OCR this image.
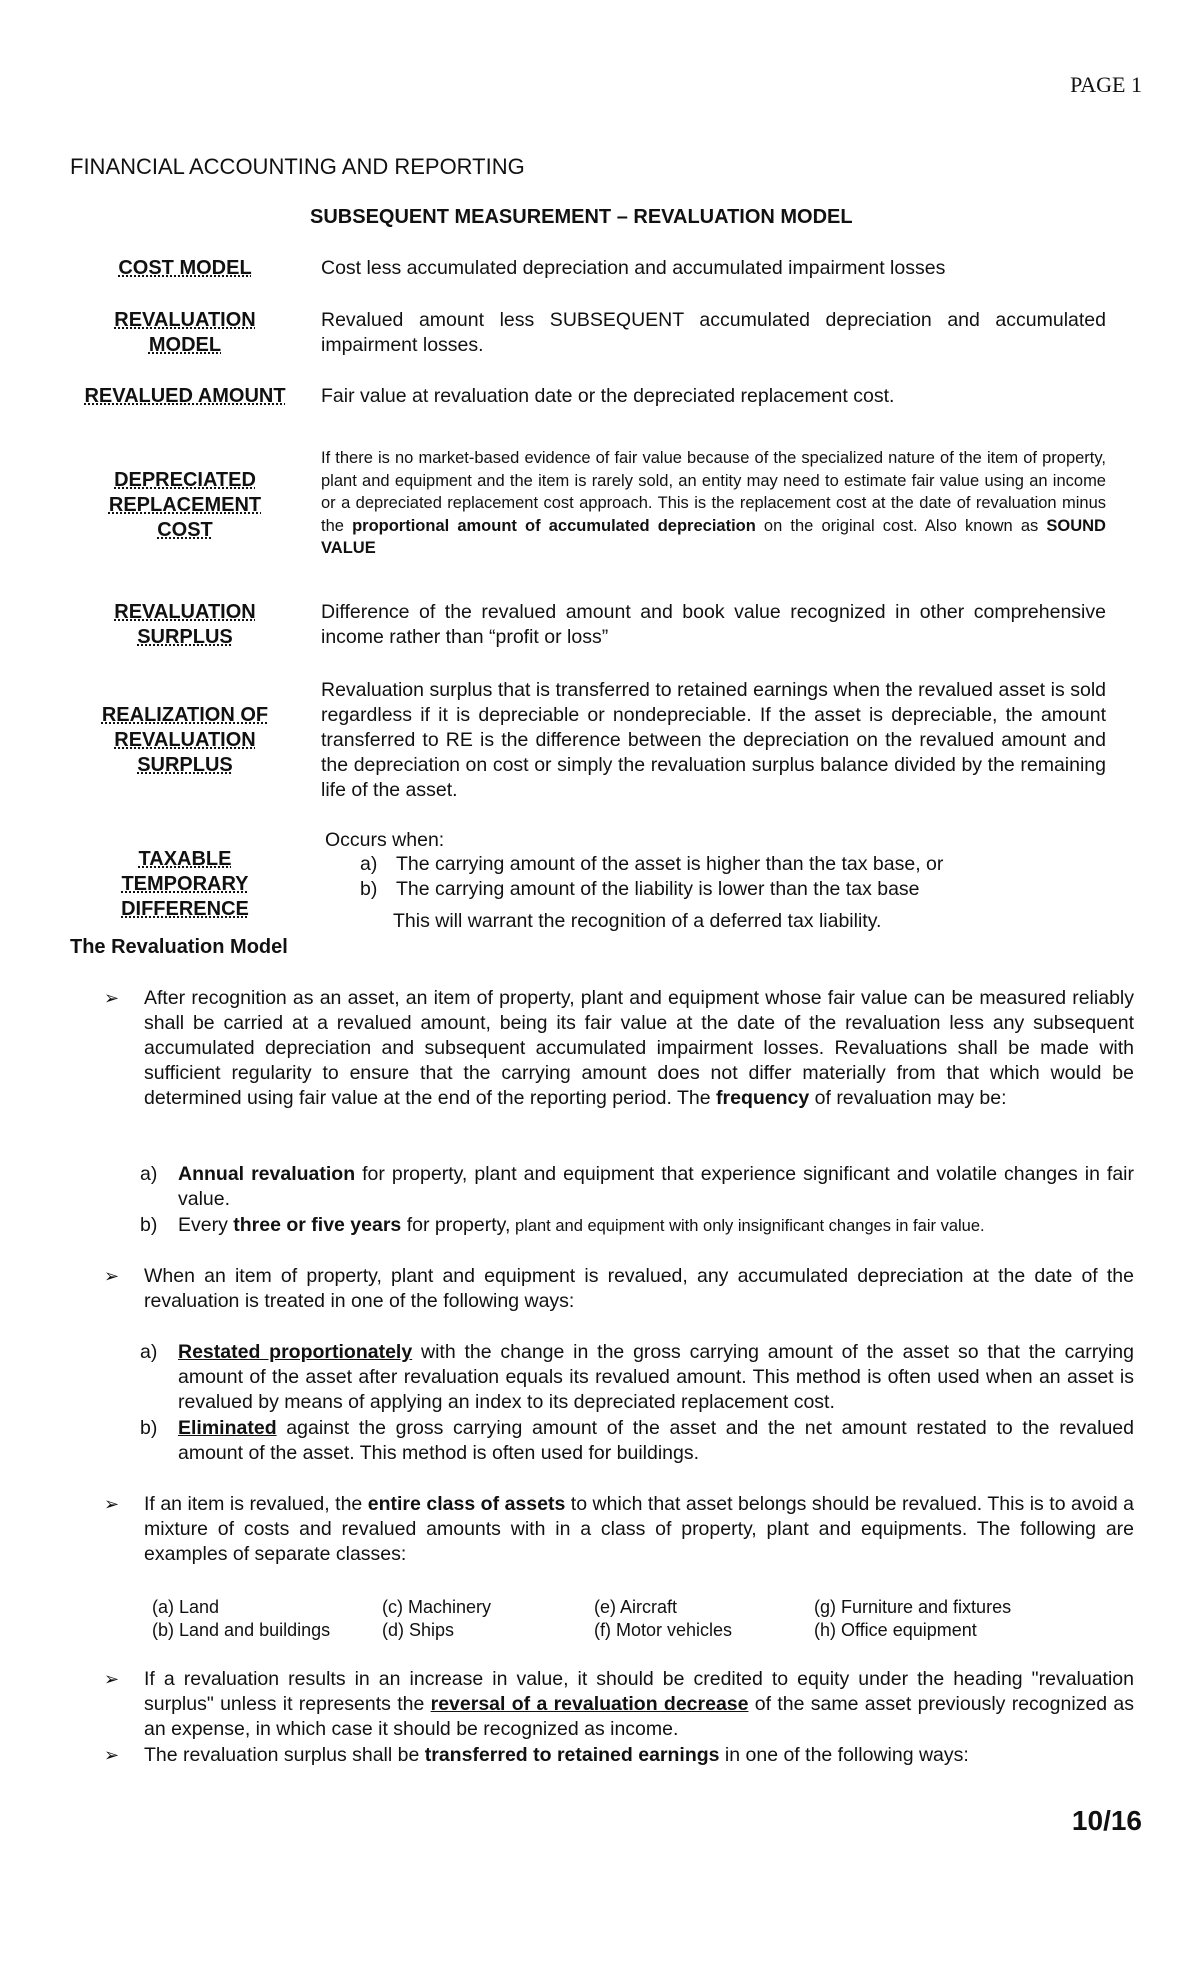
PAGE 1
FINANCIAL ACCOUNTING AND REPORTING
SUBSEQUENT MEASUREMENT – REVALUATION MODEL
COST MODEL	Cost less accumulated depreciation and accumulated impairment losses
REVALUATION MODEL
Revalued amount less SUBSEQUENT accumulated depreciation and accumulated impairment losses.
REVALUED AMOUNT	Fair value at revaluation date or the depreciated replacement cost.
DEPRECIATED REPLACEMENT COST
If there is no market-based evidence of fair value because of the specialized nature of the item of property, plant and equipment and the item is rarely sold, an entity may need to estimate fair value using an income or a depreciated replacement cost approach. This is the replacement cost at the date of revaluation minus the proportional amount of accumulated depreciation on the original cost. Also known as SOUND VALUE
REVALUATION SURPLUS
Difference of the revalued amount and book value recognized in other comprehensive income rather than “profit or loss”
REALIZATION OF REVALUATION SURPLUS
Revaluation surplus that is transferred to retained earnings when the revalued asset is sold regardless if it is depreciable or nondepreciable. If the asset is depreciable, the amount transferred to RE is the difference between the depreciation on the revalued amount and the depreciation on cost or simply the revaluation surplus balance divided by the remaining life of the asset.
TAXABLE TEMPORARY DIFFERENCE
Occurs when:
a) The carrying amount of the asset is higher than the tax base, or
b) The carrying amount of the liability is lower than the tax base
This will warrant the recognition of a deferred tax liability.
The Revaluation Model
➢ After recognition as an asset, an item of property, plant and equipment whose fair value can be measured reliably shall be carried at a revalued amount, being its fair value at the date of the revaluation less any subsequent accumulated depreciation and subsequent accumulated impairment losses. Revaluations shall be made with sufficient regularity to ensure that the carrying amount does not differ materially from that which would be determined using fair value at the end of the reporting period. The frequency of revaluation may be:
a) Annual revaluation for property, plant and equipment that experience significant and volatile changes in fair value.
b) Every three or five years for property, plant and equipment with only insignificant changes in fair value.
➢ When an item of property, plant and equipment is revalued, any accumulated depreciation at the date of the revaluation is treated in one of the following ways:
a) Restated proportionately with the change in the gross carrying amount of the asset so that the carrying amount of the asset after revaluation equals its revalued amount. This method is often used when an asset is revalued by means of applying an index to its depreciated replacement cost.
b) Eliminated against the gross carrying amount of the asset and the net amount restated to the revalued amount of the asset. This method is often used for buildings.
➢ If an item is revalued, the entire class of assets to which that asset belongs should be revalued. This is to avoid a mixture of costs and revalued amounts with in a class of property, plant and equipments. The following are examples of separate classes:
(a) Land
(b) Land and buildings
(c) Machinery
(d) Ships
(e) Aircraft
(f) Motor vehicles
(g) Furniture and fixtures
(h) Office equipment
➢ If a revaluation results in an increase in value, it should be credited to equity under the heading "revaluation surplus" unless it represents the reversal of a revaluation decrease of the same asset previously recognized as an expense, in which case it should be recognized as income.
➢ The revaluation surplus shall be transferred to retained earnings in one of the following ways:
10/16
